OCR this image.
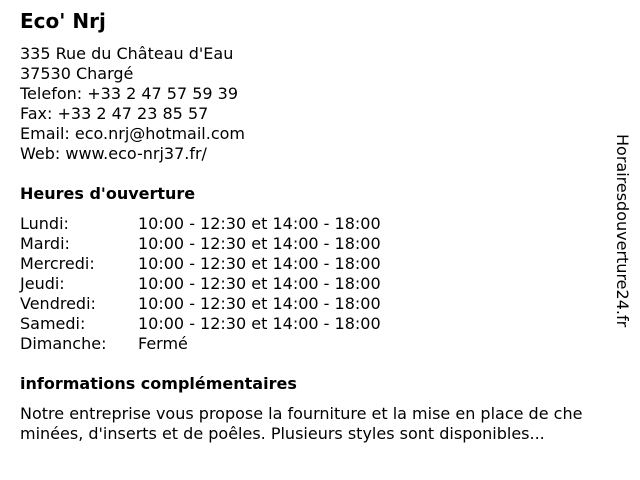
Eco' Nrj
335 Rue du Château d'Eau
37530 Chargé
Telefon: +33 2 47 57 59 39
Fax: +33 2 47 23 85 57
Email: eco.nrj@hotmail.com
Web: www.eco-nrj37.fr/
Heures d'ouverture
Lundi:	10:00 - 12:30 et 14:00 - 18:00
Mardi:	10:00 - 12:30 et 14:00 - 18:00
Mercredi:	10:00 - 12:30 et 14:00 - 18:00
Jeudi:	10:00 - 12:30 et 14:00 - 18:00
Vendredi:	10:00 - 12:30 et 14:00 - 18:00
Samedi:	10:00 - 12:30 et 14:00 - 18:00
Dimanche: Fermé
informations complémentaires
Notre entreprise vous propose la fourniture et la mise en place de che
minées, d'inserts et de poêles. Plusieurs styles sont disponibles...
Horairesdouverture24.fr
